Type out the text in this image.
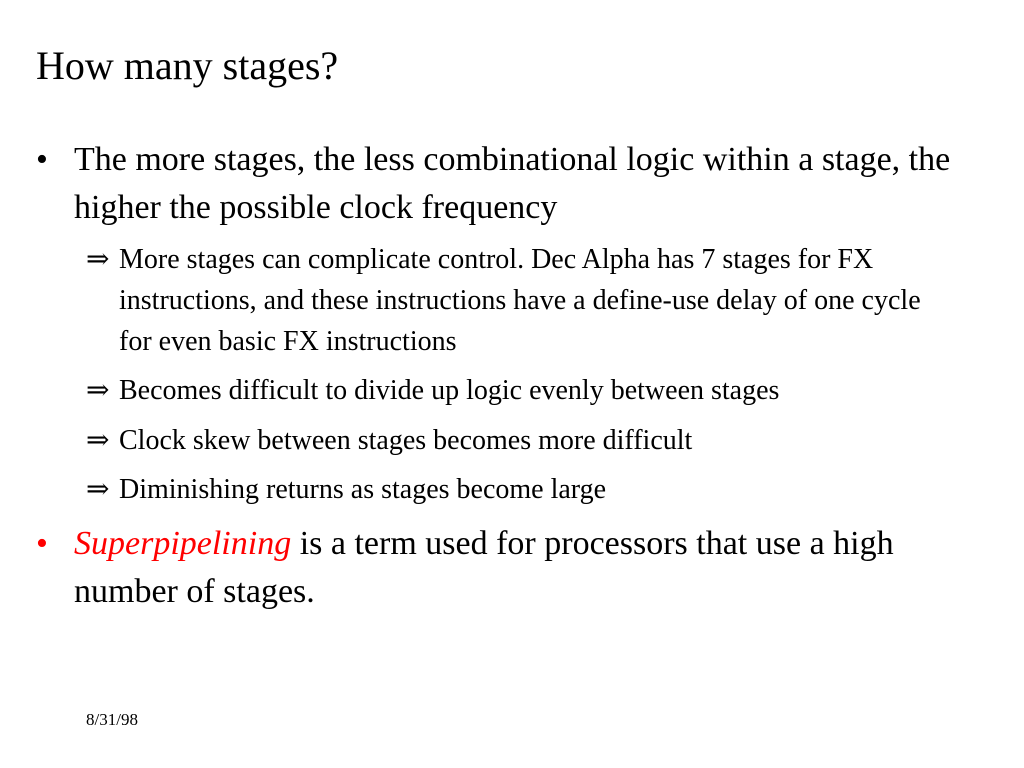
How many stages?
• The more stages, the less combinational logic within a stage, the higher the possible clock frequency
⇒ More stages can complicate control. Dec Alpha has 7 stages for FX instructions, and these instructions have a define-use delay of one cycle for even basic FX instructions
⇒ Becomes difficult to divide up logic evenly between stages
⇒ Clock skew between stages becomes more difficult
⇒ Diminishing returns as stages become large
• Superpipelining is a term used for processors that use a high number of stages.
8/31/98
